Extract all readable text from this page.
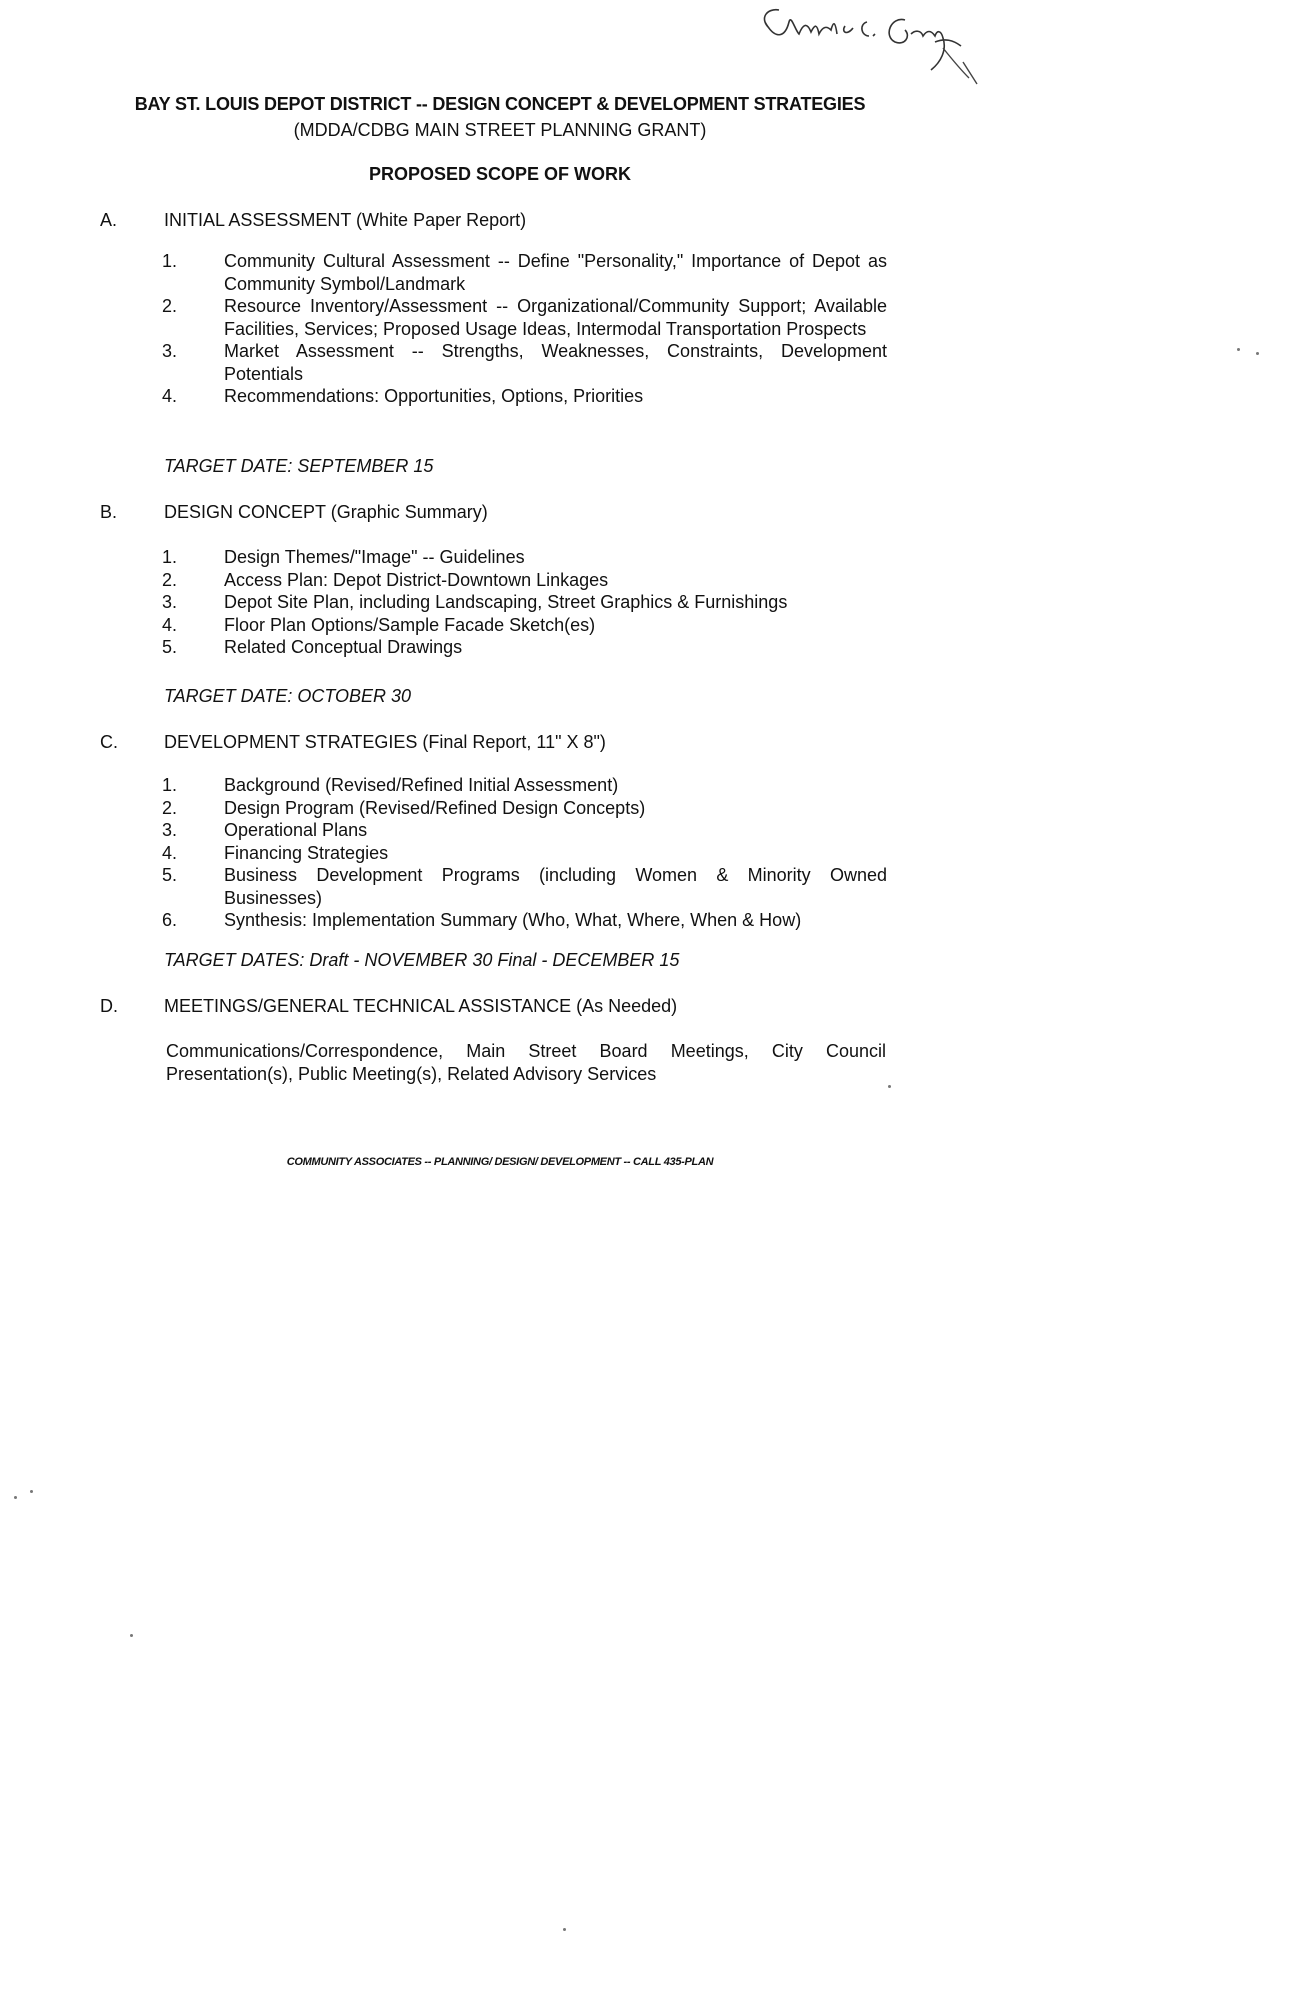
BAY ST. LOUIS DEPOT DISTRICT -- DESIGN CONCEPT & DEVELOPMENT STRATEGIES
(MDDA/CDBG MAIN STREET PLANNING GRANT)
PROPOSED SCOPE OF WORK
A.	INITIAL ASSESSMENT (White Paper Report)
1.	Community Cultural Assessment -- Define "Personality," Importance of Depot as Community Symbol/Landmark
2.	Resource Inventory/Assessment -- Organizational/Community Support; Available Facilities, Services; Proposed Usage Ideas, Intermodal Transportation Prospects
3.	Market Assessment -- Strengths, Weaknesses, Constraints, Development Potentials
4.	Recommendations: Opportunities, Options, Priorities
TARGET DATE: SEPTEMBER 15
B.	DESIGN CONCEPT (Graphic Summary)
1.	Design Themes/"Image" -- Guidelines
2.	Access Plan: Depot District-Downtown Linkages
3.	Depot Site Plan, including Landscaping, Street Graphics & Furnishings
4.	Floor Plan Options/Sample Facade Sketch(es)
5.	Related Conceptual Drawings
TARGET DATE: OCTOBER 30
C.	DEVELOPMENT STRATEGIES (Final Report, 11" X 8")
1.	Background (Revised/Refined Initial Assessment)
2.	Design Program (Revised/Refined Design Concepts)
3.	Operational Plans
4.	Financing Strategies
5.	Business Development Programs (including Women & Minority Owned Businesses)
6.	Synthesis: Implementation Summary (Who, What, Where, When & How)
TARGET DATES: Draft - NOVEMBER 30 Final - DECEMBER 15
D.	MEETINGS/GENERAL TECHNICAL ASSISTANCE (As Needed)
Communications/Correspondence, Main Street Board Meetings, City Council Presentation(s), Public Meeting(s), Related Advisory Services
COMMUNITY ASSOCIATES -- PLANNING/ DESIGN/ DEVELOPMENT -- CALL 435-PLAN
